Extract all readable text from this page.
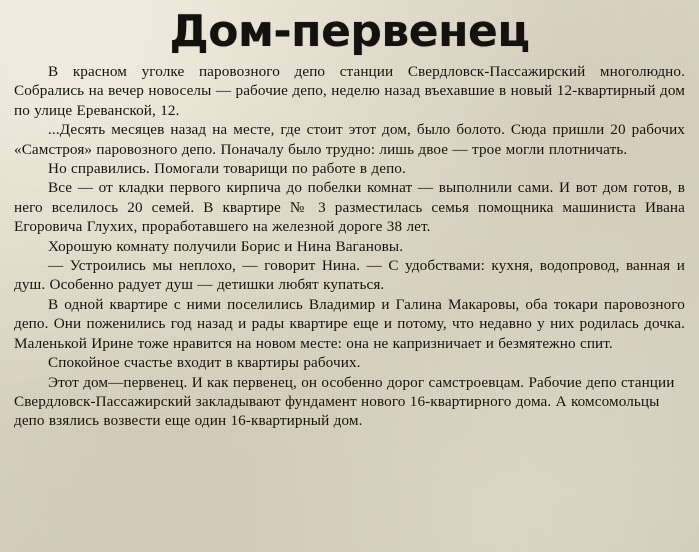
Дом-первенец

В красном уголке паровозного депо станции Свердловск-Пассажирский многолюдно. Собрались на вечер новоселы — рабочие депо, неделю назад въехавшие в новый 12-квартирный дом по улице Ереванской, 12.

...Десять месяцев назад на месте, где стоит этот дом, было болото. Сюда пришли 20 рабочих «Самстроя» паровозного депо. Поначалу было трудно: лишь двое — трое могли плотничать.

Но справились. Помогали товарищи по работе в депо.

Все — от кладки первого кирпича до побелки комнат — выполнили сами. И вот дом готов, в него вселилось 20 семей. В квартире № 3 разместилась семья помощника машиниста Ивана Егоровича Глухих, проработавшего на железной дороге 38 лет.

Хорошую комнату получили Борис и Нина Вагановы.

— Устроились мы неплохо, — говорит Нина. — С удобствами: кухня, водопровод, ванная и душ. Особенно радует душ — детишки любят купаться.

В одной квартире с ними поселились Владимир и Галина Макаровы, оба токари паровозного депо. Они поженились год назад и рады квартире еще и потому, что недавно у них родилась дочка. Маленькой Ирине тоже нравится на новом месте: она не капризничает и безмятежно спит.

Спокойное счастье входит в квартиры рабочих.

Этот дом—первенец. И как первенец, он особенно дорог самстроевцам. Рабочие депо станции Свердловск-Пассажирский закладывают фундамент нового 16-квартирного дома. А комсомольцы депо взялись возвести еще один 16-квартирный дом.
